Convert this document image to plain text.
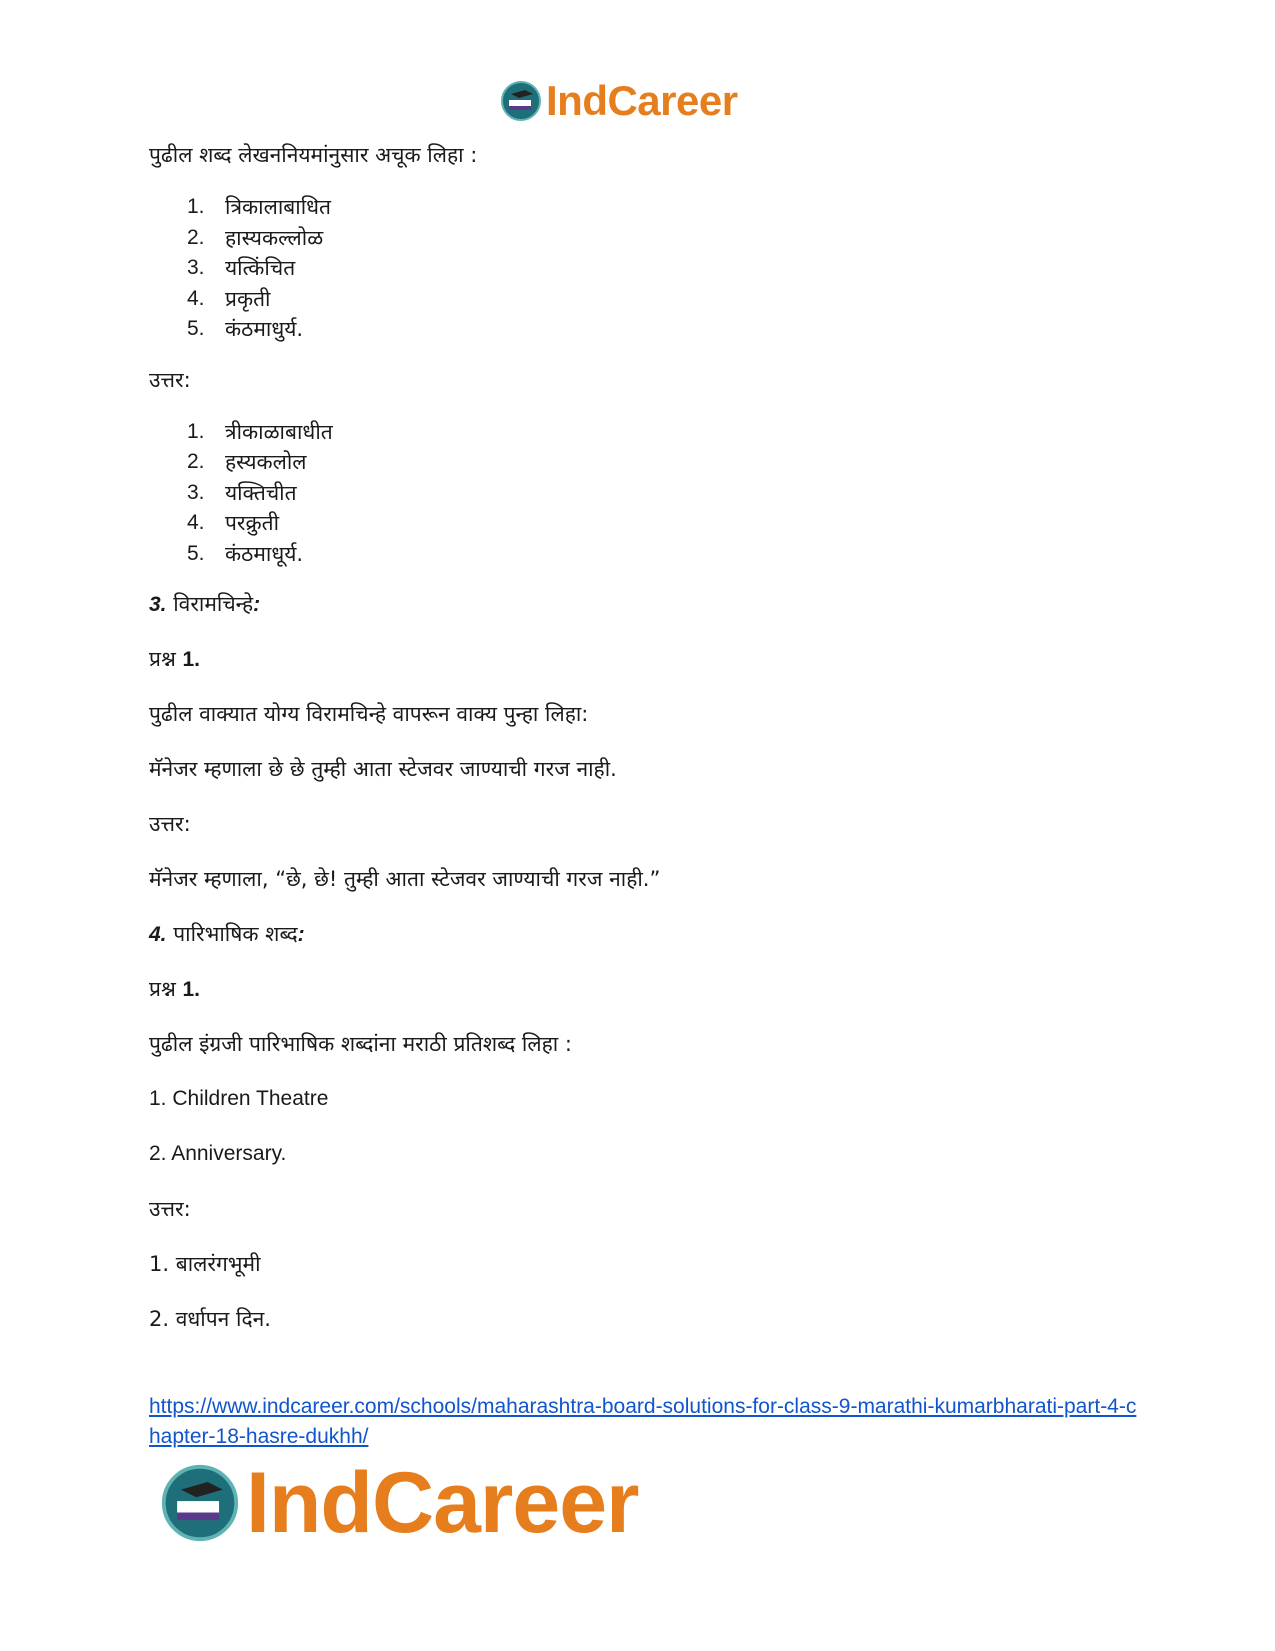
IndCareer

पुढील शब्द लेखननियमांनुसार अचूक लिहा :

1. त्रिकालाबाधित
2. हास्यकल्लोळ
3. यत्किंचित
4. प्रकृती
5. कंठमाधुर्य.

उत्तर:

1. त्रीकाळाबाधीत
2. हस्यकलोल
3. यक्तिचीत
4. परक्रुती
5. कंठमाधूर्य.

3. विरामचिन्हे:

प्रश्न 1.

पुढील वाक्यात योग्य विरामचिन्हे वापरून वाक्य पुन्हा लिहा:

मॅनेजर म्हणाला छे छे तुम्ही आता स्टेजवर जाण्याची गरज नाही.

उत्तर:

मॅनेजर म्हणाला, “छे, छे! तुम्ही आता स्टेजवर जाण्याची गरज नाही.”

4. पारिभाषिक शब्द:

प्रश्न 1.

पुढील इंग्रजी पारिभाषिक शब्दांना मराठी प्रतिशब्द लिहा :

1. Children Theatre

2. Anniversary.

उत्तर:

1. बालरंगभूमी

2. वर्धापन दिन.

https://www.indcareer.com/schools/maharashtra-board-solutions-for-class-9-marathi-kumarbharati-part-4-chapter-18-hasre-dukhh/
IndCareer
